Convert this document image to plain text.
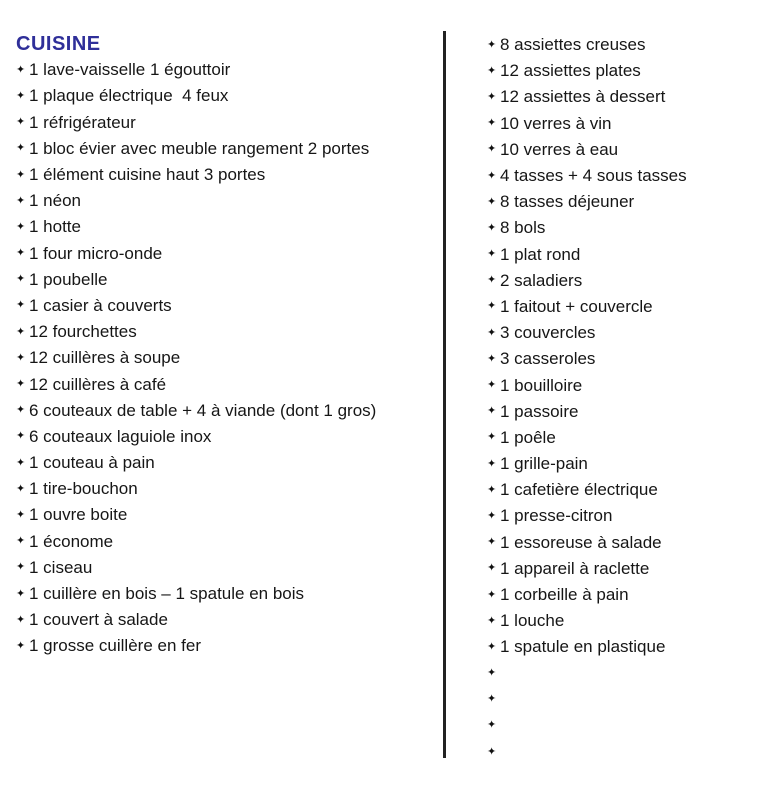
CUISINE
✦ 1 lave-vaisselle 1 égouttoir
✦ 1 plaque électrique  4 feux
✦ 1 réfrigérateur
✦ 1 bloc évier avec meuble rangement 2 portes
✦ 1 élément cuisine haut 3 portes
✦ 1 néon
✦ 1 hotte
✦ 1 four micro-onde
✦ 1 poubelle
✦ 1 casier à couverts
✦ 12 fourchettes
✦ 12 cuillères à soupe
✦ 12 cuillères à café
✦ 6 couteaux de table + 4 à viande (dont 1 gros)
✦ 6 couteaux laguiole inox
✦ 1 couteau à pain
✦ 1 tire-bouchon
✦ 1 ouvre boite
✦ 1 économe
✦ 1 ciseau
✦ 1 cuillère en bois – 1 spatule en bois
✦ 1 couvert à salade
✦ 1 grosse cuillère en fer
✦ 8 assiettes creuses
✦ 12 assiettes plates
✦ 12 assiettes à dessert
✦ 10 verres à vin
✦ 10 verres à eau
✦ 4 tasses + 4 sous tasses
✦ 8 tasses déjeuner
✦ 8 bols
✦ 1 plat rond
✦ 2 saladiers
✦ 1 faitout + couvercle
✦ 3 couvercles
✦ 3 casseroles
✦ 1 bouilloire
✦ 1 passoire
✦ 1 poêle
✦ 1 grille-pain
✦ 1 cafetière électrique
✦ 1 presse-citron
✦ 1 essoreuse à salade
✦ 1 appareil à raclette
✦ 1 corbeille à pain
✦ 1 louche
✦ 1 spatule en plastique
✦
✦
✦
✦
